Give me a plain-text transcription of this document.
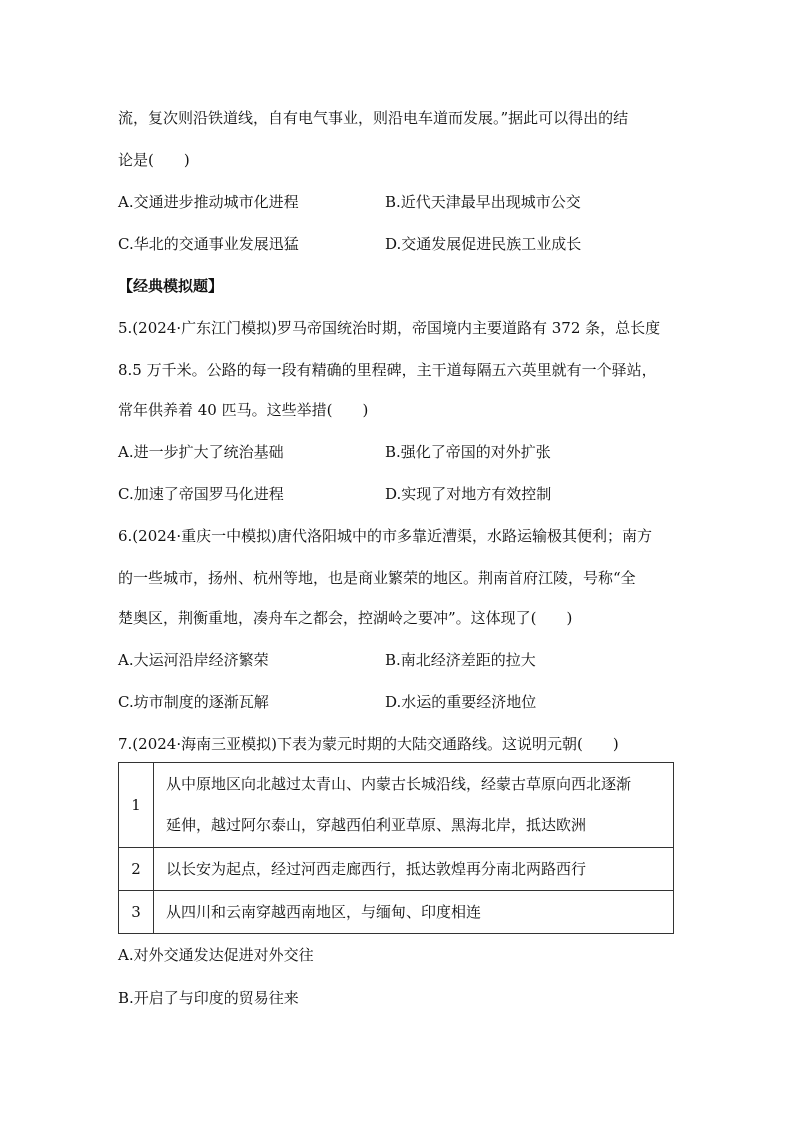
流，复次则沿铁道线，自有电气事业，则沿电车道而发展。”据此可以得出的结
论是(　　)
A.交通进步推动城市化进程	B.近代天津最早出现城市公交
C.华北的交通事业发展迅猛	D.交通发展促进民族工业成长
【经典模拟题】
5.(2024·广东江门模拟)罗马帝国统治时期，帝国境内主要道路有 372 条，总长度
8.5 万千米。公路的每一段有精确的里程碑，主干道每隔五六英里就有一个驿站，
常年供养着 40 匹马。这些举措(　　)
A.进一步扩大了统治基础	B.强化了帝国的对外扩张
C.加速了帝国罗马化进程	D.实现了对地方有效控制
6.(2024·重庆一中模拟)唐代洛阳城中的市多靠近漕渠，水路运输极其便利；南方
的一些城市，扬州、杭州等地，也是商业繁荣的地区。荆南首府江陵，号称“全
楚奥区，荆衡重地，凑舟车之都会，控湖岭之要冲”。这体现了(　　)
A.大运河沿岸经济繁荣	B.南北经济差距的拉大
C.坊市制度的逐渐瓦解	D.水运的重要经济地位
7.(2024·海南三亚模拟)下表为蒙元时期的大陆交通路线。这说明元朝(　　)
1	从中原地区向北越过太青山、内蒙古长城沿线，经蒙古草原向西北逐渐
延伸，越过阿尔泰山，穿越西伯利亚草原、黑海北岸，抵达欧洲

2	以长安为起点，经过河西走廊西行，抵达敦煌再分南北两路西行

3	从四川和云南穿越西南地区，与缅甸、印度相连
A.对外交通发达促进对外交往
B.开启了与印度的贸易往来
